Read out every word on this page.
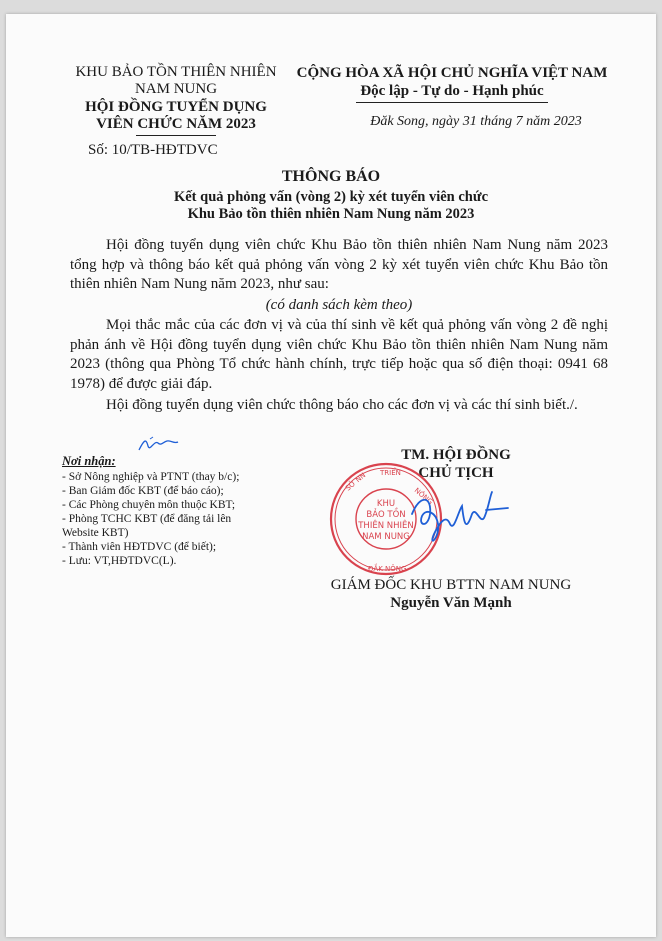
KHU BẢO TỒN THIÊN NHIÊN
NAM NUNG
HỘI ĐỒNG TUYỂN DỤNG
VIÊN CHỨC NĂM 2023
Số: 10/TB-HĐTDVC
CỘNG HÒA XÃ HỘI CHỦ NGHĨA VIỆT NAM
Độc lập - Tự do - Hạnh phúc
Đăk Song, ngày 31 tháng 7 năm 2023
THÔNG BÁO
Kết quả phỏng vấn (vòng 2) kỳ xét tuyển viên chức
Khu Bảo tồn thiên nhiên Nam Nung năm 2023

Hội đồng tuyển dụng viên chức Khu Bảo tồn thiên nhiên Nam Nung năm 2023 tổng hợp và thông báo kết quả phỏng vấn vòng 2 kỳ xét tuyển viên chức Khu Bảo tồn thiên nhiên Nam Nung năm 2023, như sau:

(có danh sách kèm theo)

Mọi thắc mắc của các đơn vị và của thí sinh về kết quả phỏng vấn vòng 2 đề nghị phản ánh về Hội đồng tuyển dụng viên chức Khu Bảo tồn thiên nhiên Nam Nung năm 2023 (thông qua Phòng Tổ chức hành chính, trực tiếp hoặc qua số điện thoại: 0941 68 1978) để được giải đáp.

Hội đồng tuyển dụng viên chức thông báo cho các đơn vị và các thí sinh biết./.

Nơi nhận:
- Sở Nông nghiệp và PTNT (thay b/c);
- Ban Giám đốc KBT (để báo cáo);
- Các Phòng chuyên môn thuộc KBT;
- Phòng TCHC KBT (để đăng tải lên
Website KBT)
- Thành viên HĐTDVC (để biết);
- Lưu: VT,HĐTDVC(L).
TM. HỘI ĐỒNG
CHỦ TỊCH
SỞ NN TRIỂN
NÔNG
ĐẮK NÔNG
KHU
BẢO TỒN
THIÊN NHIÊN
NAM NUNG
GIÁM ĐỐC KHU BTTN NAM NUNG
Nguyễn Văn Mạnh
